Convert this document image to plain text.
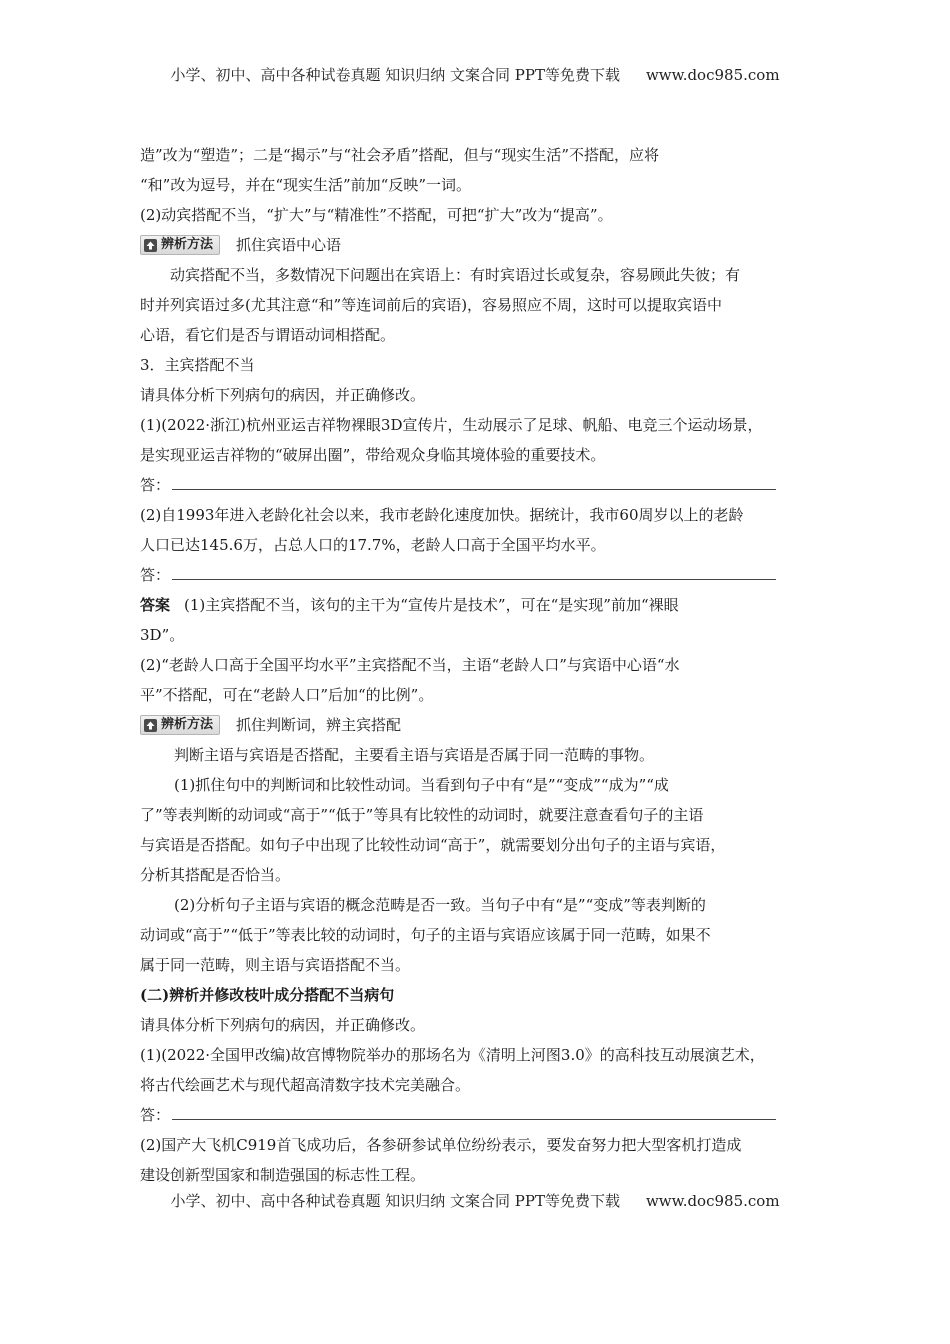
小学、初中、高中各种试卷真题 知识归纳 文案合同 PPT等免费下载 www.doc985.com
造”改为“塑造”；二是“揭示”与“社会矛盾”搭配，但与“现实生活”不搭配，应将
“和”改为逗号，并在“现实生活”前加“反映”一词。
(2)动宾搭配不当，“扩大”与“精准性”不搭配，可把“扩大”改为“提高”。
辨析方法 抓住宾语中心语
动宾搭配不当，多数情况下问题出在宾语上：有时宾语过长或复杂，容易顾此失彼；有
时并列宾语过多(尤其注意“和”等连词前后的宾语)，容易照应不周，这时可以提取宾语中
心语，看它们是否与谓语动词相搭配。
3．主宾搭配不当
请具体分析下列病句的病因，并正确修改。
(1)(2022·浙江)杭州亚运吉祥物裸眼3D宣传片，生动展示了足球、帆船、电竞三个运动场景，
是实现亚运吉祥物的“破屏出圈”，带给观众身临其境体验的重要技术。
答：
(2)自1993年进入老龄化社会以来，我市老龄化速度加快。据统计，我市60周岁以上的老龄
人口已达145.6万，占总人口的17.7%，老龄人口高于全国平均水平。
答：
答案 (1)主宾搭配不当，该句的主干为“宣传片是技术”，可在“是实现”前加“裸眼
3D”。
(2)“老龄人口高于全国平均水平”主宾搭配不当，主语“老龄人口”与宾语中心语“水
平”不搭配，可在“老龄人口”后加“的比例”。
辨析方法 抓住判断词，辨主宾搭配
判断主语与宾语是否搭配，主要看主语与宾语是否属于同一范畴的事物。
(1)抓住句中的判断词和比较性动词。当看到句子中有“是”“变成”“成为”“成
了”等表判断的动词或“高于”“低于”等具有比较性的动词时，就要注意查看句子的主语
与宾语是否搭配。如句子中出现了比较性动词“高于”，就需要划分出句子的主语与宾语，
分析其搭配是否恰当。
(2)分析句子主语与宾语的概念范畴是否一致。当句子中有“是”“变成”等表判断的
动词或“高于”“低于”等表比较的动词时，句子的主语与宾语应该属于同一范畴，如果不
属于同一范畴，则主语与宾语搭配不当。
(二)辨析并修改枝叶成分搭配不当病句
请具体分析下列病句的病因，并正确修改。
(1)(2022·全国甲改编)故宫博物院举办的那场名为《清明上河图3.0》的高科技互动展演艺术，
将古代绘画艺术与现代超高清数字技术完美融合。
答：
(2)国产大飞机C919首飞成功后，各参研参试单位纷纷表示，要发奋努力把大型客机打造成
建设创新型国家和制造强国的标志性工程。
小学、初中、高中各种试卷真题 知识归纳 文案合同 PPT等免费下载 www.doc985.com
